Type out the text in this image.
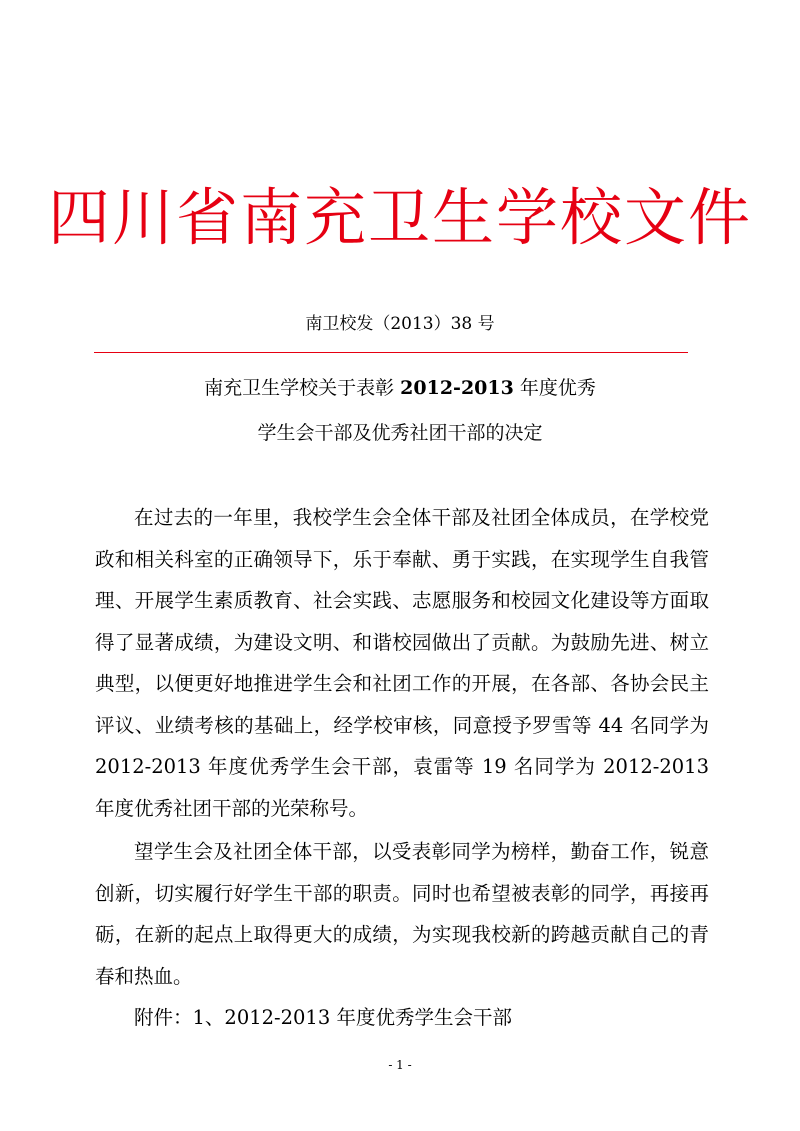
四川省南充卫生学校文件
南卫校发（2013）38 号
南充卫生学校关于表彰 2012-2013 年度优秀
学生会干部及优秀社团干部的决定

在过去的一年里，我校学生会全体干部及社团全体成员，在学校党政和相关科室的正确领导下，乐于奉献、勇于实践，在实现学生自我管理、开展学生素质教育、社会实践、志愿服务和校园文化建设等方面取得了显著成绩，为建设文明、和谐校园做出了贡献。为鼓励先进、树立典型，以便更好地推进学生会和社团工作的开展，在各部、各协会民主评议、业绩考核的基础上，经学校审核，同意授予罗雪等 44 名同学为 2012-2013 年度优秀学生会干部，袁雷等 19 名同学为 2012-2013 年度优秀社团干部的光荣称号。

望学生会及社团全体干部，以受表彰同学为榜样，勤奋工作，锐意创新，切实履行好学生干部的职责。同时也希望被表彰的同学，再接再砺，在新的起点上取得更大的成绩，为实现我校新的跨越贡献自己的青春和热血。

附件：1、2012-2013 年度优秀学生会干部

- 1 -
